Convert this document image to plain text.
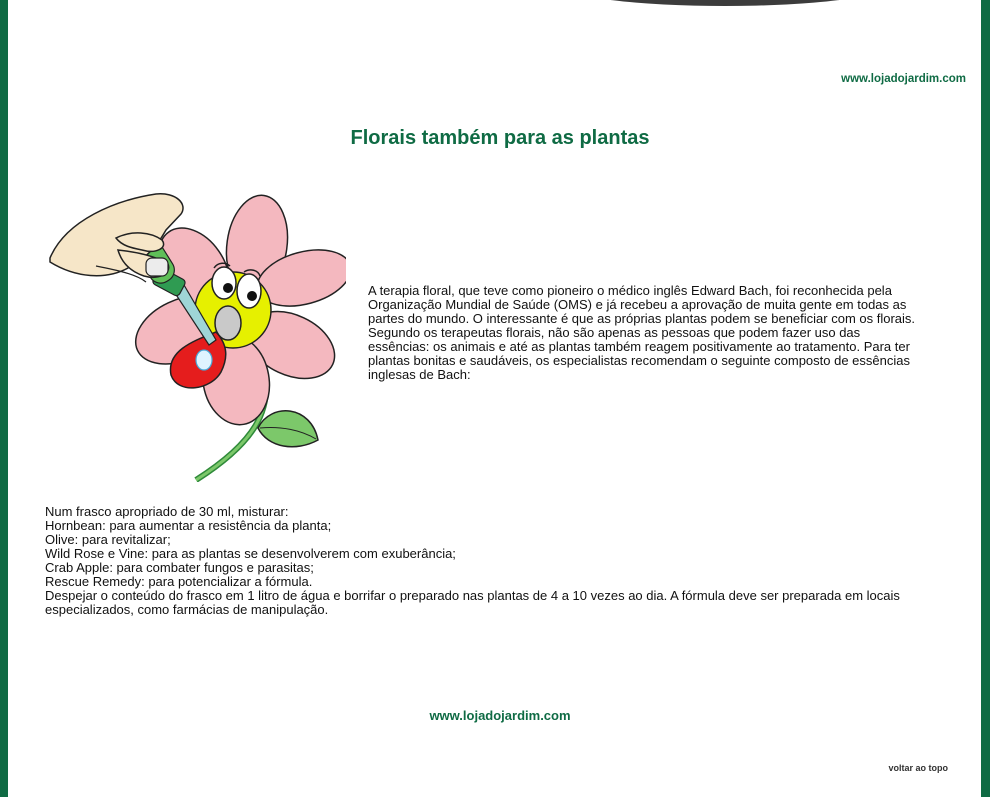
www.lojadojardim.com
Florais também para as plantas

A terapia floral, que teve como pioneiro o médico inglês Edward Bach, foi reconhecida pela Organização Mundial de Saúde (OMS) e já recebeu a aprovação de muita gente em todas as partes do mundo. O interessante é que as próprias plantas podem se beneficiar com os florais. Segundo os terapeutas florais, não são apenas as pessoas que podem fazer uso das essências: os animais e até as plantas também reagem positivamente ao tratamento. Para ter plantas bonitas e saudáveis, os especialistas recomendam o seguinte composto de essências inglesas de Bach:

Num frasco apropriado de 30 ml, misturar:

Hornbean: para aumentar a resistência da planta;

Olive: para revitalizar;

Wild Rose e Vine: para as plantas se desenvolverem com exuberância;

Crab Apple: para combater fungos e parasitas;

Rescue Remedy: para potencializar a fórmula.

Despejar o conteúdo do frasco em 1 litro de água e borrifar o preparado nas plantas de 4 a 10 vezes ao dia. A fórmula deve ser preparada em locais especializados, como farmácias de manipulação.

www.lojadojardim.com
voltar ao topo
